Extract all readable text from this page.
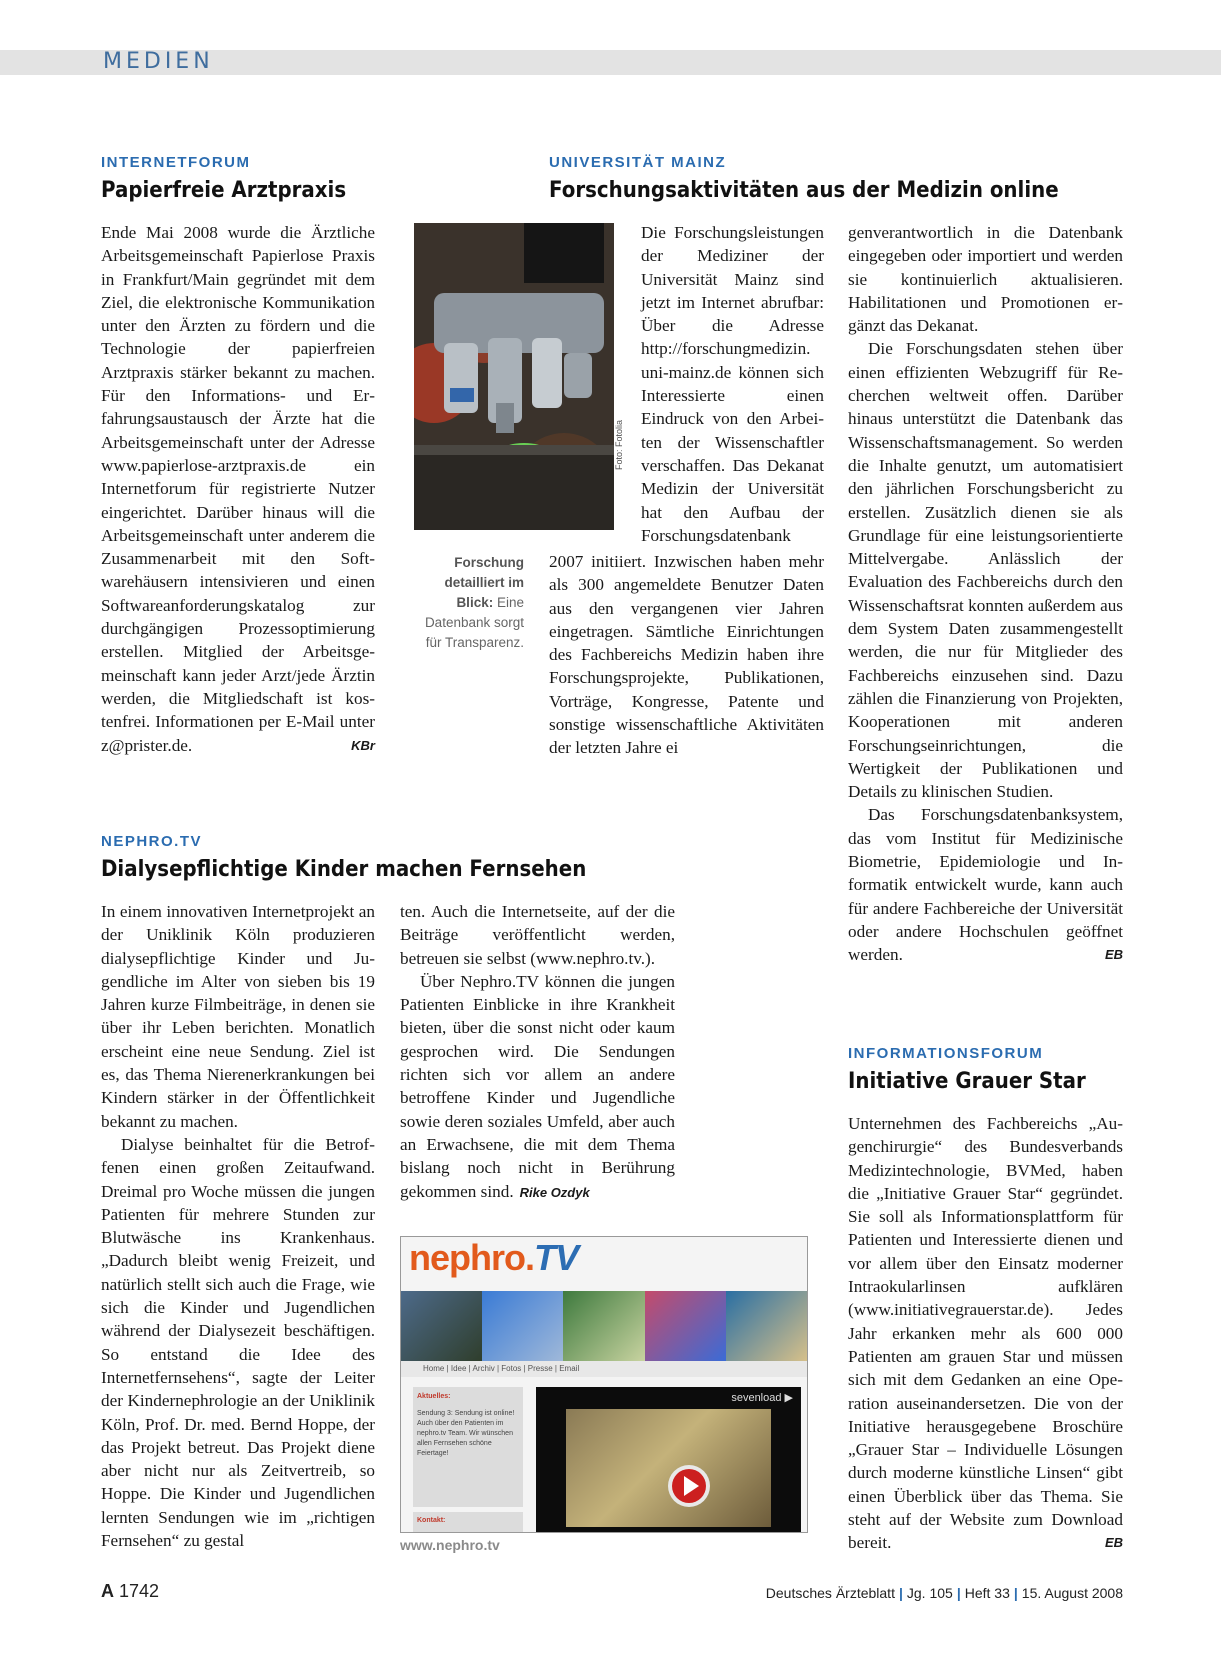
MEDIEN
INTERNETFORUM
Papierfreie Arztpraxis

Ende Mai 2008 wurde die Ärztliche Arbeitsgemeinschaft Papierlose Praxis in Frankfurt/Main gegründet mit dem Ziel, die elektronische Kommunikation unter den Ärzten zu fördern und die Technologie der papierfreien Arztpraxis stärker bekannt zu machen. Für den Informations- und Erfahrungsaustausch der Ärzte hat die Arbeitsgemeinschaft unter der Adresse www.papierlose-arztpraxis.de ein Internetforum für registrierte Nutzer eingerichtet. Darüber hinaus will die Arbeitsgemeinschaft unter anderem die Zusammenarbeit mit den Softwarehäusern intensivieren und einen Softwareanforderungskatalog zur durchgängigen Prozessoptimierung erstellen. Mitglied der Arbeitsgemeinschaft kann jeder Arzt/jede Ärztin werden, die Mitgliedschaft ist kostenfrei. Informationen per E-Mail unter z@prister.de.	KBr

UNIVERSITÄT MAINZ
Forschungsaktivitäten aus der Medizin online
Foto: Fotolia
Forschung detailliert im Blick: Eine Datenbank sorgt für Transparenz.

Die Forschungsleistungen der Mediziner der Universität Mainz sind jetzt im Internet abrufbar: Über die Adresse http://forschungmedizin. uni-mainz.de können sich Interessierte einen Eindruck von den Arbeiten der Wissenschaftler verschaffen. Das Dekanat Medizin der Universität hat den Aufbau der Forschungsdatenbank

2007 initiiert. Inzwischen haben mehr als 300 angemeldete Benutzer Daten aus den vergangenen vier Jahren eingetragen. Sämtliche Einrichtungen des Fachbereichs Medizin haben ihre Forschungsprojekte, Publikationen, Vorträge, Kongresse, Patente und sonstige wissenschaftliche Aktivitäten der letzten Jahre ei

genverantwortlich in die Datenbank eingegeben oder importiert und werden sie kontinuierlich aktualisieren. Habilitationen und Promotionen ergänzt das Dekanat.

Die Forschungsdaten stehen über einen effizienten Webzugriff für Recherchen weltweit offen. Darüber hinaus unterstützt die Datenbank das Wissenschaftsmanagement. So werden die Inhalte genutzt, um automatisiert den jährlichen Forschungsbericht zu erstellen. Zusätzlich dienen sie als Grundlage für eine leistungsorientierte Mittelvergabe. Anlässlich der Evaluation des Fachbereichs durch den Wissenschaftsrat konnten außerdem aus dem System Daten zusammengestellt werden, die nur für Mitglieder des Fachbereichs einzusehen sind. Dazu zählen die Finanzierung von Projekten, Kooperationen mit anderen Forschungseinrichtungen, die Wertigkeit der Publikationen und Details zu klinischen Studien.

Das Forschungsdatenbanksystem, das vom Institut für Medizinische Biometrie, Epidemiologie und Informatik entwickelt wurde, kann auch für andere Fachbereiche der Universität oder andere Hochschulen geöffnet werden.	EB

NEPHRO.TV
Dialysepflichtige Kinder machen Fernsehen

In einem innovativen Internetprojekt an der Uniklinik Köln produzieren dialysepflichtige Kinder und Jugendliche im Alter von sieben bis 19 Jahren kurze Filmbeiträge, in denen sie über ihr Leben berichten. Monatlich erscheint eine neue Sendung. Ziel ist es, das Thema Nierenerkrankungen bei Kindern stärker in der Öffentlichkeit bekannt zu machen.

Dialyse beinhaltet für die Betroffenen einen großen Zeitaufwand. Dreimal pro Woche müssen die jungen Patienten für mehrere Stunden zur Blutwäsche ins Krankenhaus. „Dadurch bleibt wenig Freizeit, und natürlich stellt sich auch die Frage, wie sich die Kinder und Jugendlichen während der Dialysezeit beschäftigen. So entstand die Idee des Internetfernsehens“, sagte der Leiter der Kindernephrologie an der Uniklinik Köln, Prof. Dr. med. Bernd Hoppe, der das Projekt betreut. Das Projekt diene aber nicht nur als Zeitvertreib, so Hoppe. Die Kinder und Jugendlichen lernten Sendungen wie im „richtigen Fernsehen“ zu gestal

ten. Auch die Internetseite, auf der die Beiträge veröffentlicht werden, betreuen sie selbst (www.nephro.tv.).

Über Nephro.TV können die jungen Patienten Einblicke in ihre Krankheit bieten, über die sonst nicht oder kaum gesprochen wird. Die Sendungen richten sich vor allem an andere betroffene Kinder und Jugendliche sowie deren soziales Umfeld, aber auch an Erwachsene, die mit dem Thema bislang noch nicht in Berührung gekommen sind. Rike Ozdyk

nephro.TV
Home | Idee | Archiv | Fotos | Presse | Email
Aktuelles:
Sendung 3: Sendung ist online! Auch über den Patienten im nephro.tv Team. Wir wünschen allen Fernsehen schöne Feiertage!
Kontakt:
sevenload ▶
www.nephro.tv
INFORMATIONSFORUM
Initiative Grauer Star

Unternehmen des Fachbereichs „Augenchirurgie“ des Bundesverbands Medizintechnologie, BVMed, haben die „Initiative Grauer Star“ gegründet. Sie soll als Informationsplattform für Patienten und Interessierte dienen und vor allem über den Einsatz moderner Intraokularlinsen aufklären (www.initiativegrauerstar.de). Jedes Jahr erkanken mehr als 600 000 Patienten am grauen Star und müssen sich mit dem Gedanken an eine Operation auseinandersetzen. Die von der Initiative herausgegebene Broschüre „Grauer Star – Individuelle Lösungen durch moderne künstliche Linsen“ gibt einen Überblick über das Thema. Sie steht auf der Website zum Download bereit.	EB

A 1742	Deutsches Ärzteblatt | Jg. 105 | Heft 33 | 15. August 2008
